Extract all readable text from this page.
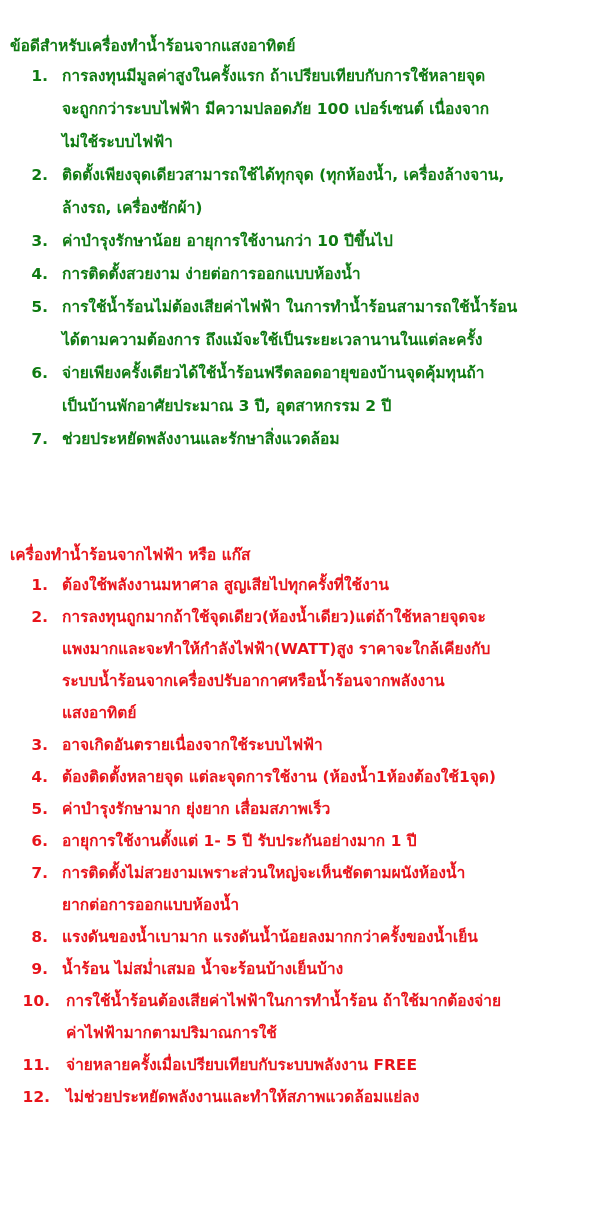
ข้อดีสำหรับเครื่องทำน้ำร้อนจากแสงอาทิตย์
1. การลงทุนมีมูลค่าสูงในครั้งแรก ถ้าเปรียบเทียบกับการใช้หลายจุด
จะถูกกว่าระบบไฟฟ้า มีความปลอดภัย 100 เปอร์เซนต์ เนื่องจาก
ไม่ใช้ระบบไฟฟ้า
2. ติดตั้งเพียงจุดเดียวสามารถใช้ได้ทุกจุด (ทุกห้องน้ำ, เครื่องล้างจาน,
ล้างรถ, เครื่องซักผ้า)
3. ค่าบำรุงรักษาน้อย อายุการใช้งานกว่า 10 ปีขึ้นไป
4. การติดตั้งสวยงาม ง่ายต่อการออกแบบห้องน้ำ
5. การใช้น้ำร้อนไม่ต้องเสียค่าไฟฟ้า ในการทำน้ำร้อนสามารถใช้น้ำร้อน
ได้ตามความต้องการ ถึงแม้จะใช้เป็นระยะเวลานานในแต่ละครั้ง
6. จ่ายเพียงครั้งเดียวได้ใช้น้ำร้อนฟรีตลอดอายุของบ้านจุดคุ้มทุนถ้า
เป็นบ้านพักอาศัยประมาณ 3 ปี, อุตสาหกรรม 2 ปี
7. ช่วยประหยัดพลังงานและรักษาสิ่งแวดล้อม
เครื่องทำน้ำร้อนจากไฟฟ้า หรือ แก๊ส
1. ต้องใช้พลังงานมหาศาล สูญเสียไปทุกครั้งที่ใช้งาน
2. การลงทุนถูกมากถ้าใช้จุดเดียว(ห้องน้ำเดียว)แต่ถ้าใช้หลายจุดจะ
แพงมากและจะทำให้กำลังไฟฟ้า(WATT)สูง ราคาจะใกล้เคียงกับ
ระบบน้ำร้อนจากเครื่องปรับอากาศหรือน้ำร้อนจากพลังงาน
แสงอาทิตย์
3. อาจเกิดอันตรายเนื่องจากใช้ระบบไฟฟ้า
4. ต้องติดตั้งหลายจุด แต่ละจุดการใช้งาน (ห้องน้ำ1ห้องต้องใช้1จุด)
5. ค่าบำรุงรักษามาก ยุ่งยาก เสื่อมสภาพเร็ว
6. อายุการใช้งานตั้งแต่ 1- 5 ปี รับประกันอย่างมาก 1 ปี
7. การติดตั้งไม่สวยงามเพราะส่วนใหญ่จะเห็นชัดตามผนังห้องน้ำ
ยากต่อการออกแบบห้องน้ำ
8. แรงดันของน้ำเบามาก แรงดันน้ำน้อยลงมากกว่าครั้งของน้ำเย็น
9. น้ำร้อน ไม่สม่ำเสมอ น้ำจะร้อนบ้างเย็นบ้าง
10. การใช้น้ำร้อนต้องเสียค่าไฟฟ้าในการทำน้ำร้อน ถ้าใช้มากต้องจ่าย
ค่าไฟฟ้ามากตามปริมาณการใช้
11. จ่ายหลายครั้งเมื่อเปรียบเทียบกับระบบพลังงาน FREE
12. ไม่ช่วยประหยัดพลังงานและทำให้สภาพแวดล้อมแย่ลง
